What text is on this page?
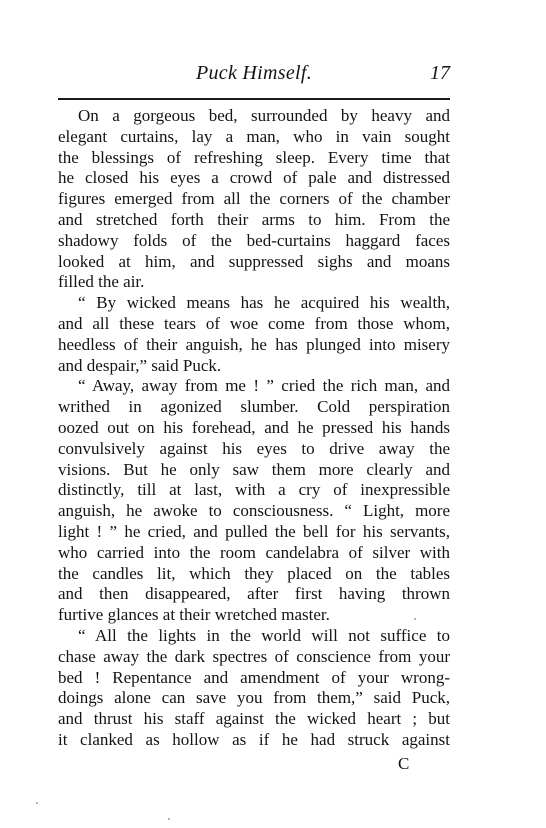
Puck Himself.	17
On a gorgeous bed, surrounded by heavy and
elegant curtains, lay a man, who in vain sought
the blessings of refreshing sleep. Every time that
he closed his eyes a crowd of pale and distressed
figures emerged from all the corners of the chamber
and stretched forth their arms to him. From the
shadowy folds of the bed-curtains haggard faces
looked at him, and suppressed sighs and moans
filled the air.
“ By wicked means has he acquired his wealth,
and all these tears of woe come from those whom,
heedless of their anguish, he has plunged into misery
and despair,” said Puck.
“ Away, away from me ! ” cried the rich man, and
writhed in agonized slumber. Cold perspiration
oozed out on his forehead, and he pressed his hands
convulsively against his eyes to drive away the
visions. But he only saw them more clearly and
distinctly, till at last, with a cry of inexpressible
anguish, he awoke to consciousness. “ Light, more
light ! ” he cried, and pulled the bell for his servants,
who carried into the room candelabra of silver with
the candles lit, which they placed on the tables
and then disappeared, after first having thrown
furtive glances at their wretched master.
“ All the lights in the world will not suffice to
chase away the dark spectres of conscience from your
bed ! Repentance and amendment of your wrong-
doings alone can save you from them,” said Puck,
and thrust his staff against the wicked heart ; but
it clanked as hollow as if he had struck against
C
